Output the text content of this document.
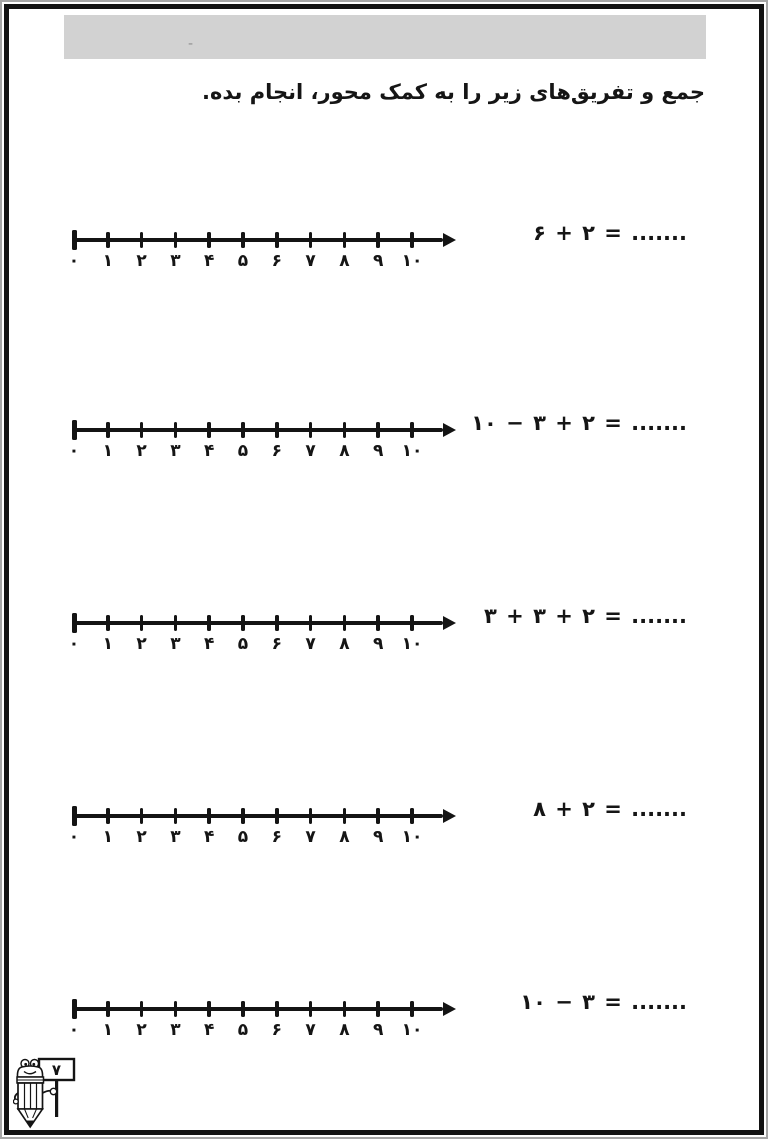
-
جمع و تفریق‌های زیر را به کمک محور، انجام بده.
۶ + ۲ = .......
۰	۱	۲	۳	۴	۵	۶	۷	۸	۹	۱۰
۱۰ − ۳ + ۲ = .......
۰	۱	۲	۳	۴	۵	۶	۷	۸	۹	۱۰
۳ + ۳ + ۲ = .......
۰	۱	۲	۳	۴	۵	۶	۷	۸	۹	۱۰
۸ + ۲ = .......
۰	۱	۲	۳	۴	۵	۶	۷	۸	۹	۱۰
۱۰ − ۳ = .......
۰	۱	۲	۳	۴	۵	۶	۷	۸	۹	۱۰
۷
